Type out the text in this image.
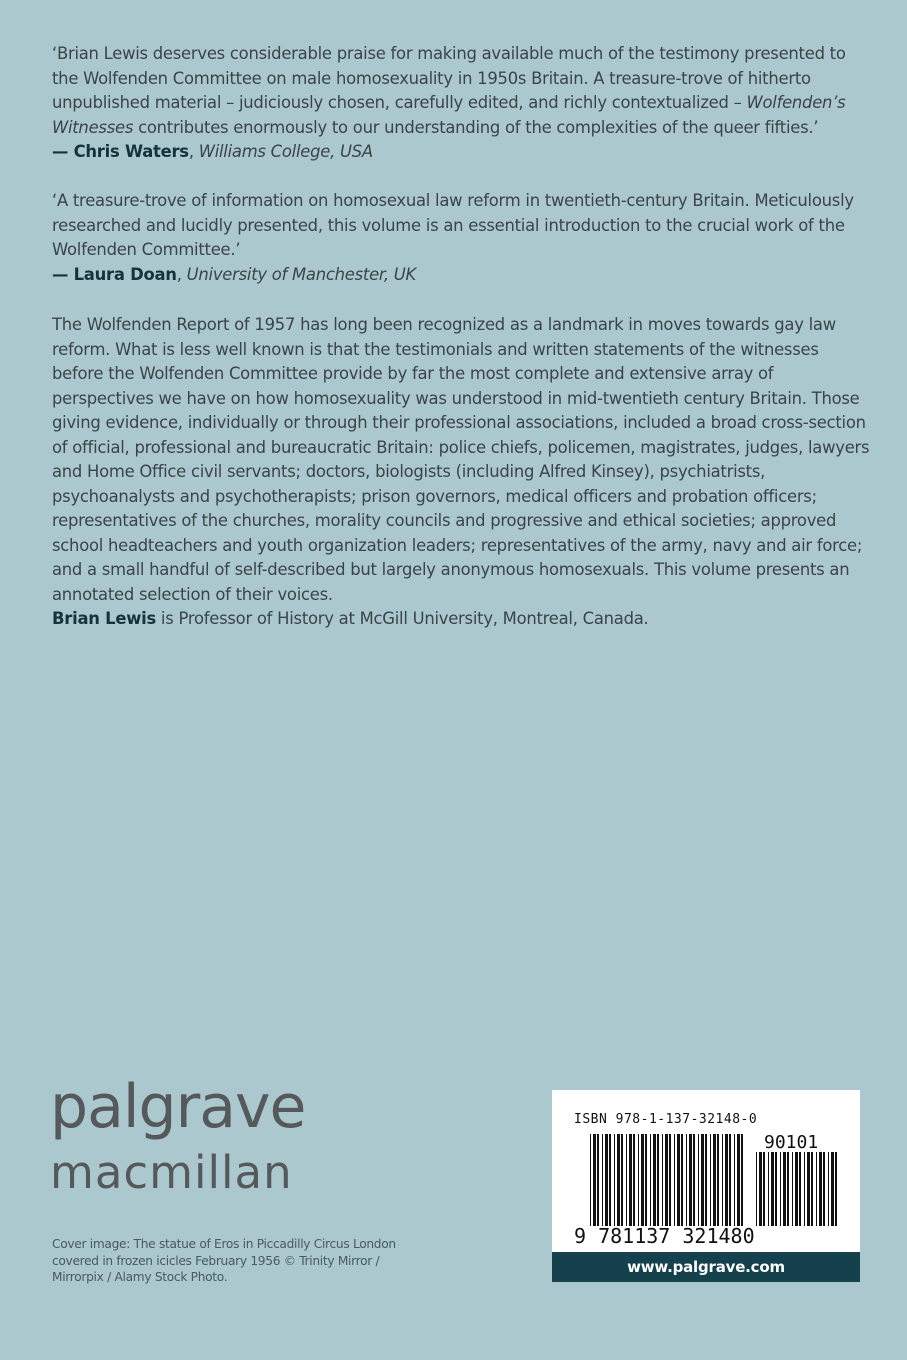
‘Brian Lewis deserves considerable praise for making available much of the testimony presented to the Wolfenden Committee on male homosexuality in 1950s Britain. A treasure-trove of hitherto unpublished material – judiciously chosen, carefully edited, and richly contextualized – Wolfenden’s Witnesses contributes enormously to our understanding of the complexities of the queer fifties.’

— Chris Waters, Williams College, USA

‘A treasure-trove of information on homosexual law reform in twentieth-century Britain. Meticulously researched and lucidly presented, this volume is an essential introduction to the crucial work of the Wolfenden Committee.’

— Laura Doan, University of Manchester, UK

The Wolfenden Report of 1957 has long been recognized as a landmark in moves towards gay law reform. What is less well known is that the testimonials and written statements of the witnesses before the Wolfenden Committee provide by far the most complete and extensive array of perspectives we have on how homosexuality was understood in mid-twentieth century Britain. Those giving evidence, individually or through their professional associations, included a broad cross-section of official, professional and bureaucratic Britain: police chiefs, policemen, magistrates, judges, lawyers and Home Office civil servants; doctors, biologists (including Alfred Kinsey), psychiatrists, psychoanalysts and psychotherapists; prison governors, medical officers and probation officers; representatives of the churches, morality councils and progressive and ethical societies; approved school headteachers and youth organization leaders; representatives of the army, navy and air force; and a small handful of self-described but largely anonymous homosexuals. This volume presents an annotated selection of their voices.

Brian Lewis is Professor of History at McGill University, Montreal, Canada.

palgrave
macmillan
Cover image: The statue of Eros in Piccadilly Circus London covered in frozen icicles February 1956 © Trinity Mirror / Mirrorpix / Alamy Stock Photo.
ISBN 978-1-137-32148-0
9 781137 321480
90101
www.palgrave.com
